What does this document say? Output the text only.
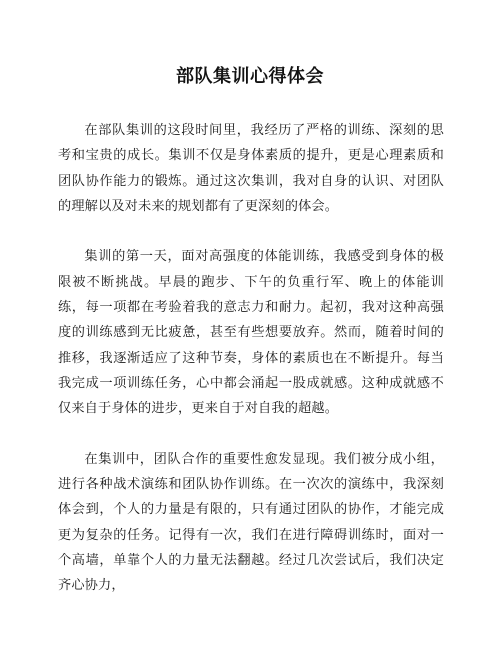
部队集训心得体会

在部队集训的这段时间里，我经历了严格的训练、深刻的思考和宝贵的成长。集训不仅是身体素质的提升，更是心理素质和团队协作能力的锻炼。通过这次集训，我对自身的认识、对团队的理解以及对未来的规划都有了更深刻的体会。

集训的第一天，面对高强度的体能训练，我感受到身体的极限被不断挑战。早晨的跑步、下午的负重行军、晚上的体能训练，每一项都在考验着我的意志力和耐力。起初，我对这种高强度的训练感到无比疲惫，甚至有些想要放弃。然而，随着时间的推移，我逐渐适应了这种节奏，身体的素质也在不断提升。每当我完成一项训练任务，心中都会涌起一股成就感。这种成就感不仅来自于身体的进步，更来自于对自我的超越。

在集训中，团队合作的重要性愈发显现。我们被分成小组，进行各种战术演练和团队协作训练。在一次次的演练中，我深刻体会到，个人的力量是有限的，只有通过团队的协作，才能完成更为复杂的任务。记得有一次，我们在进行障碍训练时，面对一个高墙，单靠个人的力量无法翻越。经过几次尝试后，我们决定齐心协力，
